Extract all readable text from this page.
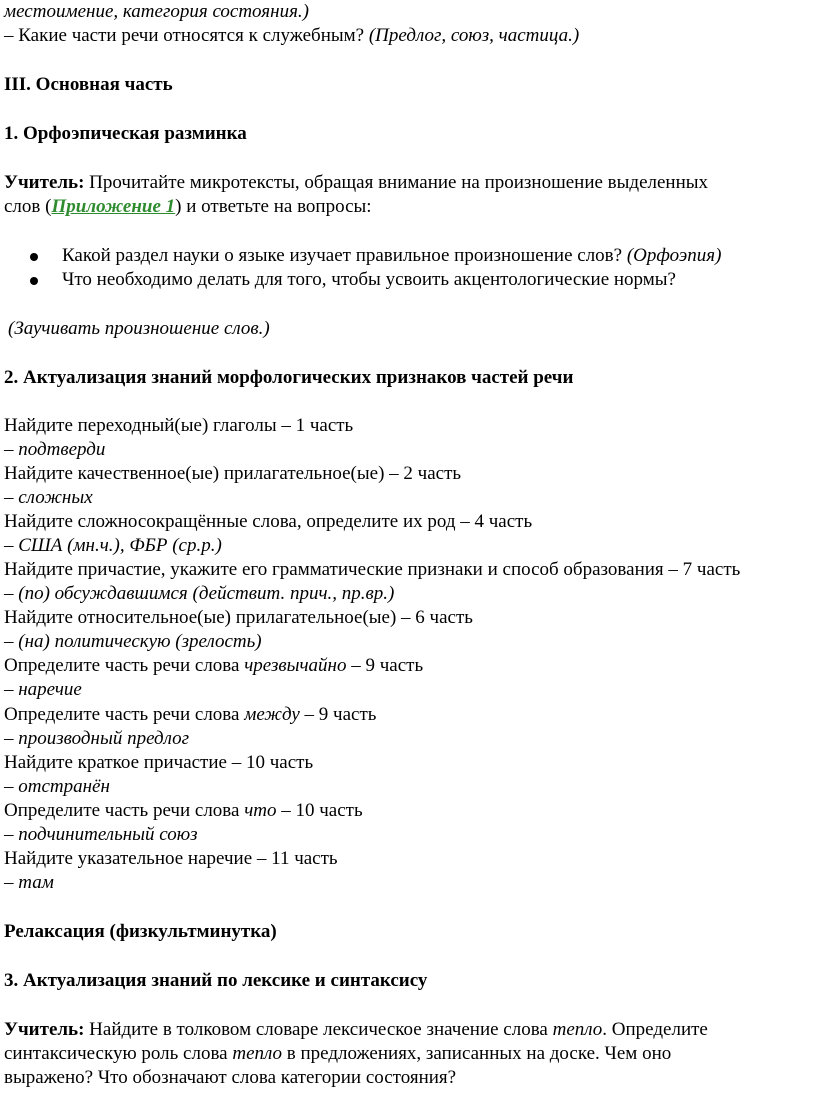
местоимение, категория состояния.)
– Какие части речи относятся к служебным? (Предлог, союз, частица.)
III. Основная часть
1. Орфоэпическая разминка
Учитель: Прочитайте микротексты, обращая внимание на произношение выделенных
слов (Приложение 1) и ответьте на вопросы:
Какой раздел науки о языке изучает правильное произношение слов? (Орфоэпия)
Что необходимо делать для того, чтобы усвоить акцентологические нормы?
(Заучивать произношение слов.)
2. Актуализация знаний морфологических признаков частей речи
Найдите переходный(ые) глаголы – 1 часть
– подтверди
Найдите качественное(ые) прилагательное(ые) – 2 часть
– сложных
Найдите сложносокращённые слова, определите их род – 4 часть
– США (мн.ч.), ФБР (ср.р.)
Найдите причастие, укажите его грамматические признаки и способ образования – 7 часть
– (по) обсуждавшимся (действит. прич., пр.вр.)
Найдите относительное(ые) прилагательное(ые) – 6 часть
– (на) политическую (зрелость)
Определите часть речи слова чрезвычайно – 9 часть
– наречие
Определите часть речи слова между – 9 часть
– производный предлог
Найдите краткое причастие – 10 часть
– отстранён
Определите часть речи слова что – 10 часть
– подчинительный союз
Найдите указательное наречие – 11 часть
– там
Релаксация (физкультминутка)
3. Актуализация знаний по лексике и синтаксису
Учитель: Найдите в толковом словаре лексическое значение слова тепло. Определите
синтаксическую роль слова тепло в предложениях, записанных на доске. Чем оно
выражено? Что обозначают слова категории состояния?
